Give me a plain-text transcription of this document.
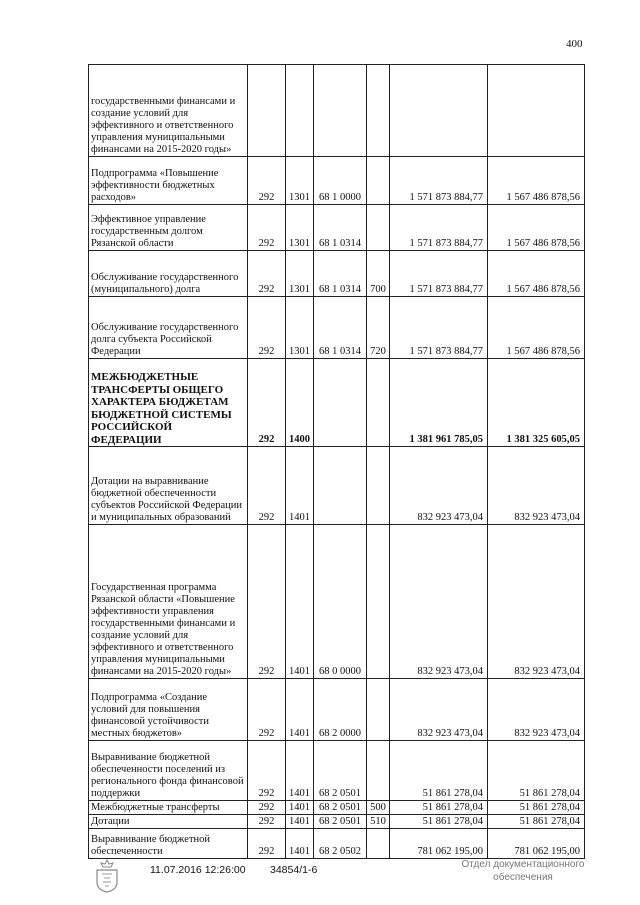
400
государственными финансами и создание условий для эффективного и ответственного управления муниципальными финансами на 2015-2020 годы»						
Подпрограмма «Повышение эффективности бюджетных расходов»	292	1301	68 1 0000		1 571 873 884,77	1 567 486 878,56
Эффективное управление государственным долгом Рязанской области	292	1301	68 1 0314		1 571 873 884,77	1 567 486 878,56
Обслуживание государственного (муниципального) долга	292	1301	68 1 0314	700	1 571 873 884,77	1 567 486 878,56
Обслуживание государственного долга субъекта Российской Федерации	292	1301	68 1 0314	720	1 571 873 884,77	1 567 486 878,56
МЕЖБЮДЖЕТНЫЕ ТРАНСФЕРТЫ ОБЩЕГО ХАРАКТЕРА БЮДЖЕТАМ БЮДЖЕТНОЙ СИСТЕМЫ РОССИЙСКОЙ ФЕДЕРАЦИИ	292	1400			1 381 961 785,05	1 381 325 605,05
Дотации на выравнивание бюджетной обеспеченности субъектов Российской Федерации и муниципальных образований	292	1401			832 923 473,04	832 923 473,04
Государственная программа Рязанской области «Повышение эффективности управления государственными финансами и создание условий для эффективного и ответственного управления муниципальными финансами на 2015-2020 годы»	292	1401	68 0 0000		832 923 473,04	832 923 473,04
Подпрограмма «Создание условий для повышения финансовой устойчивости местных бюджетов»	292	1401	68 2 0000		832 923 473,04	832 923 473,04
Выравнивание бюджетной обеспеченности поселений из регионального фонда финансовой поддержки	292	1401	68 2 0501		51 861 278,04	51 861 278,04
Межбюджетные трансферты	292	1401	68 2 0501	500	51 861 278,04	51 861 278,04
Дотации	292	1401	68 2 0501	510	51 861 278,04	51 861 278,04
Выравнивание бюджетной обеспеченности	292	1401	68 2 0502		781 062 195,00	781 062 195,00
11.07.2016 12:26:00 34854/1-6	Отдел документационного
обеспечения
